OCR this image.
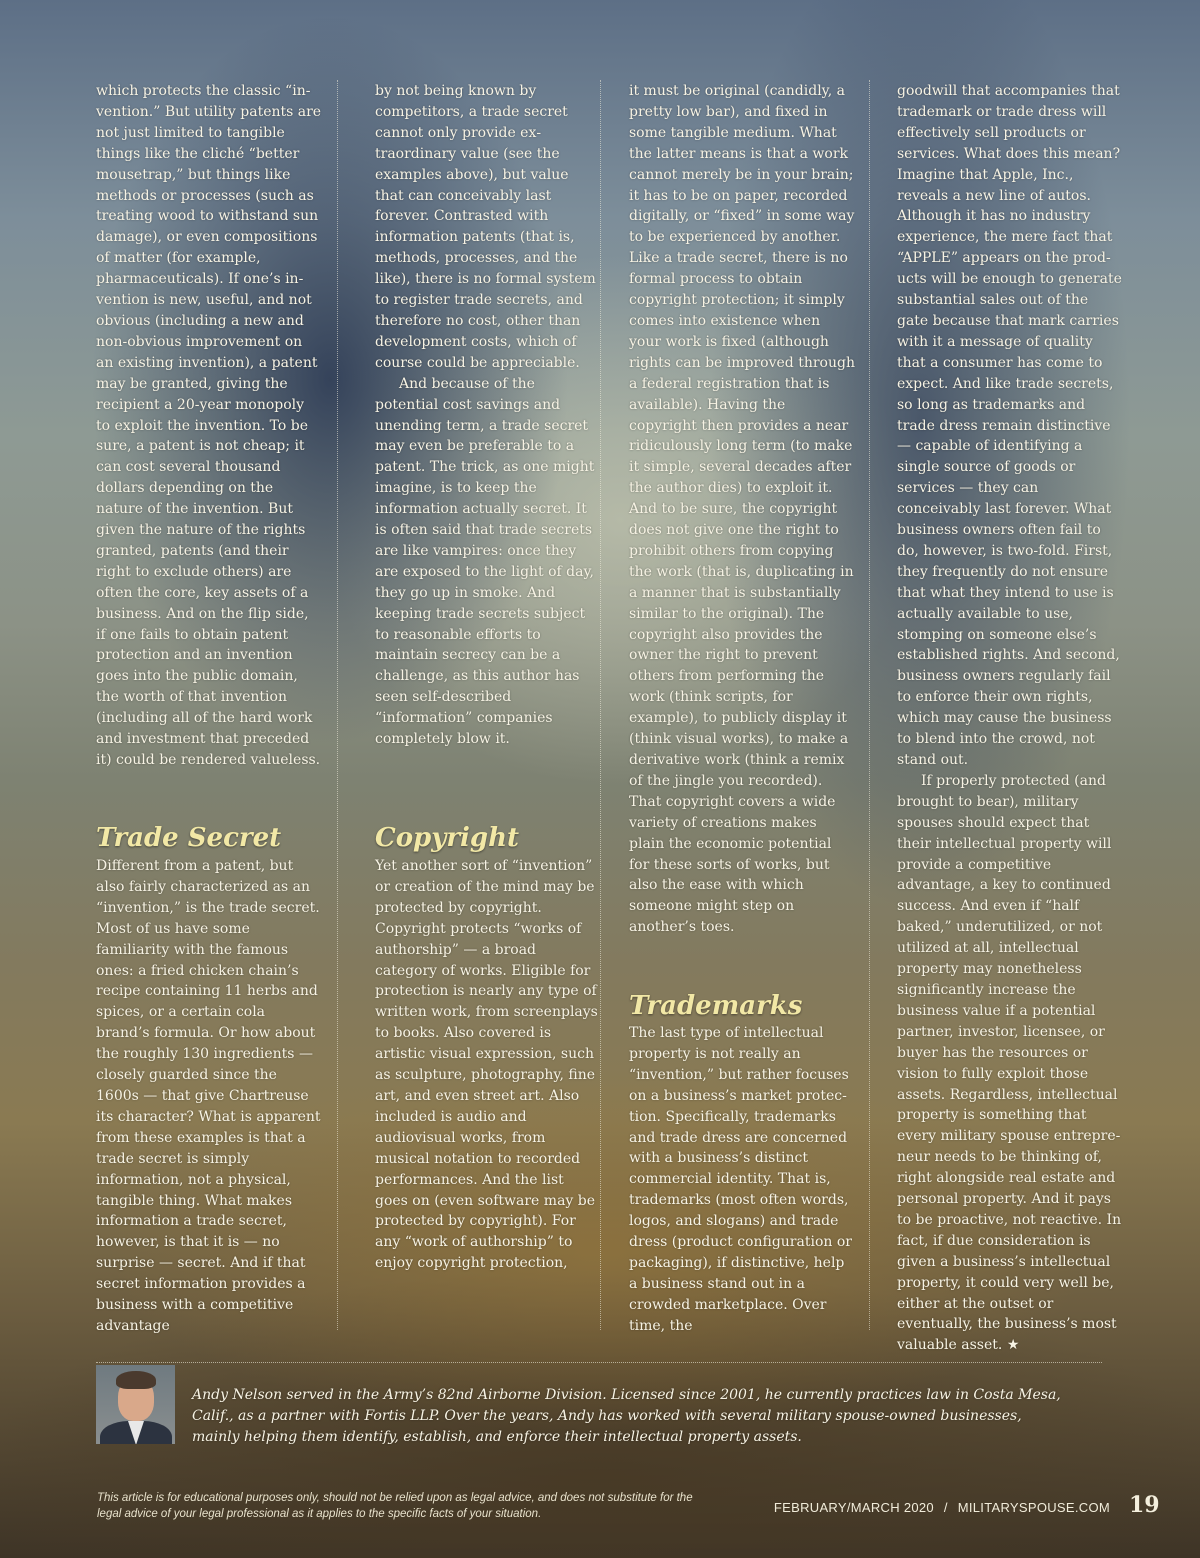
which protects the classic “invention.” But utility patents are not just limited to tangible things like the cliché “better mousetrap,” but things like methods or processes (such as treating wood to withstand sun damage), or even compositions of matter (for example, pharmaceuticals). If one’s invention is new, useful, and not obvious (including a new and non-obvious improvement on an existing invention), a patent may be granted, giving the recipient a 20-year monopoly to exploit the invention. To be sure, a patent is not cheap; it can cost several thousand dollars depending on the nature of the invention. But given the nature of the rights granted, patents (and their right to exclude others) are often the core, key assets of a business. And on the flip side, if one fails to obtain patent protection and an invention goes into the public domain, the worth of that invention (including all of the hard work and investment that preceded it) could be rendered valueless.

Trade Secret

Different from a patent, but also fairly characterized as an “invention,” is the trade secret. Most of us have some familiarity with the famous ones: a fried chicken chain’s recipe containing 11 herbs and spices, or a certain cola brand’s formula. Or how about the roughly 130 ingredients — closely guarded since the 1600s — that give Chartreuse its character? What is apparent from these examples is that a trade secret is simply information, not a physical, tangible thing. What makes information a trade secret, however, is that it is — no surprise — secret. And if that secret information provides a business with a competitive advantage

by not being known by competitors, a trade secret cannot only provide extraordinary value (see the examples above), but value that can conceivably last forever. Contrasted with information patents (that is, methods, processes, and the like), there is no formal system to register trade secrets, and therefore no cost, other than development costs, which of course could be appreciable.

And because of the potential cost savings and unending term, a trade secret may even be preferable to a patent. The trick, as one might imagine, is to keep the information actually secret. It is often said that trade secrets are like vampires: once they are exposed to the light of day, they go up in smoke. And keeping trade secrets subject to reasonable efforts to maintain secrecy can be a challenge, as this author has seen self-described “information” companies completely blow it.

Copyright

Yet another sort of “invention” or creation of the mind may be protected by copyright. Copyright protects “works of authorship” — a broad category of works. Eligible for protection is nearly any type of written work, from screenplays to books. Also covered is artistic visual expression, such as sculpture, photography, fine art, and even street art. Also included is audio and audiovisual works, from musical notation to recorded performances. And the list goes on (even software may be protected by copyright). For any “work of authorship” to enjoy copyright protection,

it must be original (candidly, a pretty low bar), and fixed in some tangible medium. What the latter means is that a work cannot merely be in your brain; it has to be on paper, recorded digitally, or “fixed” in some way to be experienced by another. Like a trade secret, there is no formal process to obtain copyright protection; it simply comes into existence when your work is fixed (although rights can be improved through a federal registration that is available). Having the copyright then provides a near ridiculously long term (to make it simple, several decades after the author dies) to exploit it. And to be sure, the copyright does not give one the right to prohibit others from copying the work (that is, duplicating in a manner that is substantially similar to the original). The copyright also provides the owner the right to prevent others from performing the work (think scripts, for example), to publicly display it (think visual works), to make a derivative work (think a remix of the jingle you recorded). That copyright covers a wide variety of creations makes plain the economic potential for these sorts of works, but also the ease with which someone might step on another’s toes.

Trademarks

The last type of intellectual property is not really an “invention,” but rather focuses on a business’s market protection. Specifically, trademarks and trade dress are concerned with a business’s distinct commercial identity. That is, trademarks (most often words, logos, and slogans) and trade dress (product configuration or packaging), if distinctive, help a business stand out in a crowded marketplace. Over time, the

goodwill that accompanies that trademark or trade dress will effectively sell products or services. What does this mean? Imagine that Apple, Inc., reveals a new line of autos. Although it has no industry experience, the mere fact that “APPLE” appears on the products will be enough to generate substantial sales out of the gate because that mark carries with it a message of quality that a consumer has come to expect. And like trade secrets, so long as trademarks and trade dress remain distinctive — capable of identifying a single source of goods or services — they can conceivably last forever. What business owners often fail to do, however, is two-fold. First, they frequently do not ensure that what they intend to use is actually available to use, stomping on someone else’s established rights. And second, business owners regularly fail to enforce their own rights, which may cause the business to blend into the crowd, not stand out.

If properly protected (and brought to bear), military spouses should expect that their intellectual property will provide a competitive advantage, a key to continued success. And even if “half baked,” underutilized, or not utilized at all, intellectual property may nonetheless significantly increase the business value if a potential partner, investor, licensee, or buyer has the resources or vision to fully exploit those assets. Regardless, intellectual property is something that every military spouse entrepreneur needs to be thinking of, right alongside real estate and personal property. And it pays to be proactive, not reactive. In fact, if due consideration is given a business’s intellectual property, it could very well be, either at the outset or eventually, the business’s most valuable asset. ★

Andy Nelson served in the Army’s 82nd Airborne Division. Licensed since 2001, he currently practices law in Costa Mesa, Calif., as a partner with Fortis LLP. Over the years, Andy has worked with several military spouse-owned businesses, mainly helping them identify, establish, and enforce their intellectual property assets.
This article is for educational purposes only, should not be relied upon as legal advice, and does not substitute for the legal advice of your legal professional as it applies to the specific facts of your situation.	FEBRUARY/MARCH 2020 / MILITARYSPOUSE.COM 19
